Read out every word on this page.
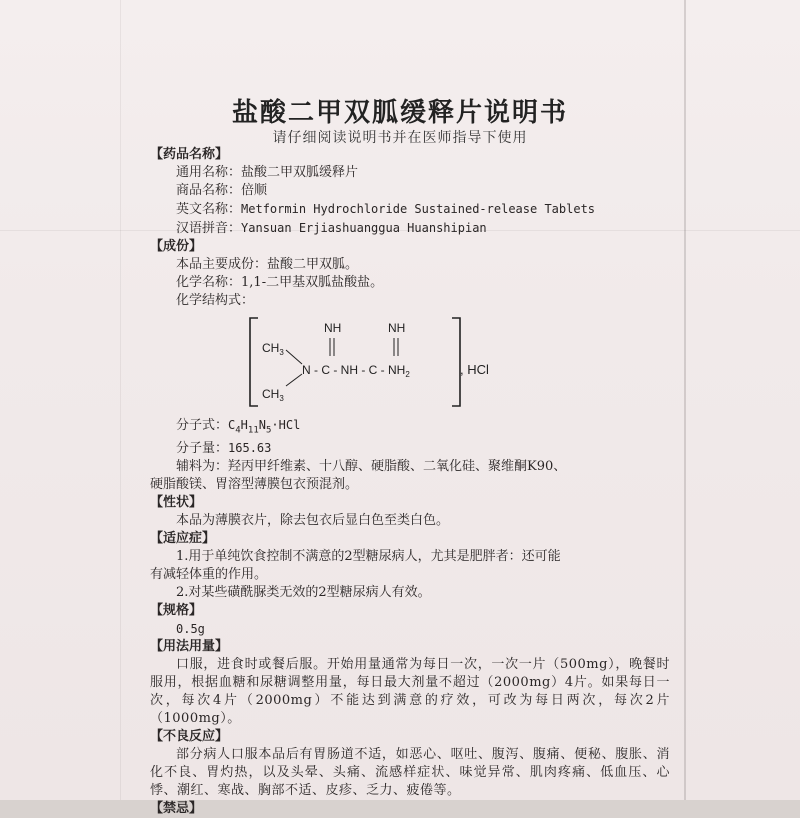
盐酸二甲双胍缓释片说明书
请仔细阅读说明书并在医师指导下使用
【药品名称】
通用名称：盐酸二甲双胍缓释片
商品名称：倍顺
英文名称：Metformin Hydrochloride Sustained-release Tablets
汉语拼音：Yansuan Erjiashuanggua Huanshipian
【成份】
本品主要成份：盐酸二甲双胍。
化学名称：1,1-二甲基双胍盐酸盐。
化学结构式：
NH	NH
$CH_3$
$CH_3$
N - C - NH - C - $NH_2$	, HCl
分子式：$C_4H_{11}N_5\cdot HCl$
分子量：165.63
辅料为：羟丙甲纤维素、十八醇、硬脂酸、二氧化硅、聚维酮K90、
硬脂酸镁、胃溶型薄膜包衣预混剂。
【性状】
本品为薄膜衣片，除去包衣后显白色至类白色。
【适应症】
1.用于单纯饮食控制不满意的2型糖尿病人，尤其是肥胖者：还可能
有减轻体重的作用。
2.对某些磺酰脲类无效的2型糖尿病人有效。
【规格】
0.5g
【用法用量】
口服，进食时或餐后服。开始用量通常为每日一次，一次一片（500mg），晚餐时服用，根据血糖和尿糖调整用量，每日最大剂量不超过（2000mg）4片。如果每日一次，每次4片（2000mg）不能达到满意的疗效，可改为每日两次，每次2片（1000mg）。
【不良反应】
部分病人口服本品后有胃肠道不适，如恶心、呕吐、腹泻、腹痛、便秘、腹胀、消化不良、胃灼热，以及头晕、头痛、流感样症状、味觉异常、肌肉疼痛、低血压、心悸、潮红、寒战、胸部不适、皮疹、乏力、疲倦等。
【禁忌】
